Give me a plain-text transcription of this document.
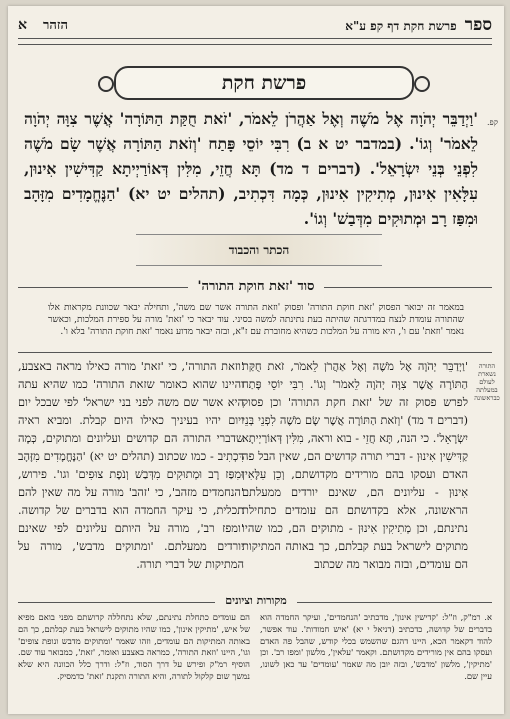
ספר
פרשת חקת דף קפ ע"א
הזהר
א
פרשת חקת
קפ.
'וַיְדַבֵּר יְהֹוָה אֶל מֹשֶׁה וְאֶל אַהֲרֹן לֵאמֹר, 'זֹאת חֻקַּת הַתּוֹרָה' אֲשֶׁר צִוָּה יְהֹוָה לֵאמֹר' וְגוֹ'. (במדבר יט א ב) רִבִּי יוֹסֵי פָּתַח 'וְזֹאת הַתּוֹרָה אֲשֶׁר שָׂם מֹשֶׁה לִפְנֵי בְּנֵי יִשְׂרָאֵל'. (דברים ד מד) תָּא חֲזֵי, מִלִּין דְּאוֹרַיְיתָא קַדִּישִׁין אִינוּן, עִלָּאִין אִינוּן, מְתִיקִין אִינוּן, כְּמָה דִּכְתִיב, (תהלים יט יא) 'הַנֶּחֱמָדִים מִזָּהָב וּמִפַּז רָב וּמְתוּקִים מִדְּבַשׁ' וְגוֹ'.
הכתר והכבוד
סוד 'זאת חוקת התורה'
במאמר זה יבואר הפסוק 'זאת חוקת התורה' ופסוק 'וזאת התורה אשר שם משה', ותחילה יבאר שכוונת מקראות אלו שהתורה עומדת לנצח במדרגתה שהיתה בעת נתינתה למשה בסיני. עוד יבאר כי 'זאת' מורה על ספירת המלכות, וכאשר נאמר 'וזאת' עם ו', היא מורה על המלכות כשהיא מחוברת עם ז"א, ובזה יבאר מדוע נאמר 'זאת חוקת התורה' בלא ו'.
התורה נשארת לעולם במעלתה כבראשונה
'וַיְדַבֵּר יְהֹוָה אֶל מֹשֶׁה וְאֶל אַהֲרֹן לֵאמֹר, זֹאת חֻקַּת הַתּוֹרָה אֲשֶׁר צִוָּה יְהֹוָה לֵאמֹר' וְגוֹ'. רִבִּי יוֹסֵי פָּתַח לפרש פסוק זה של 'זאת חקת התורה' וכן פסוק (דברים ד מד) 'וְזֹאת הַתּוֹרָה אֲשֶׁר שָׂם מֹשֶׁה לִפְנֵי בְּנֵי יִשְׂרָאֵל'. כי הנה, תָּא חֲזֵי - בוא וראה, מִלִּין דְּאוֹרַיְיתָא קַדִּישִׁין אִינוּן - דברי תורה קדושים הם, שאין הבל פה האדם ועסקו בהם מורידים מקדושתם, וְכֵן עִלָּאִין אִינוּן - עליונים הם, שאינם יורדים ממעלתם הראשונה, אלא בקדושתם הם עומדים כתחילת נתינתם, וכן מְתִיקִין אִינוּן - מתוקים הם, כמו שהיו מתוקים לישראל בעת קבלתם, כך באותה המתיקות הם עומדים, ובזה מבואר מה שכתוב
'וזאת התורה', כי 'זאת' מורה כאילו מראה באצבע, והיינו שהוא כאומר שזאת התורה' כמו שהיא עתה היא אשר שם משה לפני בני ישראל' לפי שבכל יום ויום יהיו בעיניך כאילו היום קבלת. ומביא ראיה שדברי התורה הם קדושים ועליונים ומתוקים, כְּמָה דִּכְתִיב - כמו שכתוב (תהלים יט יא) 'הַנֶּחֱמָדִים מִזָּהָב וּמִפַּז רָב וּמְתוּקִים מִדְּבַשׁ וְנֹפֶת צוּפִים' וגו'. פירוש, 'הנחמדים מזהב', כי 'זהב' מורה על מה שאין להם תכלית, כי עיקר החמדה הוא בדברים של קדושה. 'ומפז רב', מורה על היותם עליונים לפי שאינם יורדים ממעלתם. 'ומתוקים מדבש', מורה על המתיקות של דברי תורה.
מקורות וציונים
א. רמ"ק, וז"ל: 'קדישין אינון', מדכתיב 'הנחמדים', ועיקר החמדה הוא בדברים של קדושה, כדכתיב (דניאל י יא) 'איש חמודות'. עוד אפשר, להוד דקאמר הכא, היינו דהגם שהשמש בכלי קודש, שהבל פה האדם ועסקו בהם אין מורידים מקדושתם. וקאמר 'עלאין', מלשון 'ומפז רב'. וכן 'מתיקין', מלשון 'מדבש', ובזה יובן מה שאמר 'עומדים' עד כאן לשונו, עיין שם.
הם עומדים כתחלת נתינתם, שלא נתחללה קדושתם מפני בואם מפיא של איש, 'מתיקין אינון', כמו שהיו מתוקים לישראל בעת קבלתם, כך הם באותה המתיקות הם עומדים, וזהו שאמר 'ומתוקים מדבש ונופת צופים' וגו', היינו 'וזאת התורה', כמראה באצבע ואומר, 'זאת', כמבואר עוד שם. הוסיף רמ"ק ופירש על דרך הסוד, וז"ל: ודרך כלל הכוונה היא שלא נמשך שום קלקול לתורה, והיא התורה ותקנת 'זאת' כדמסיק.
